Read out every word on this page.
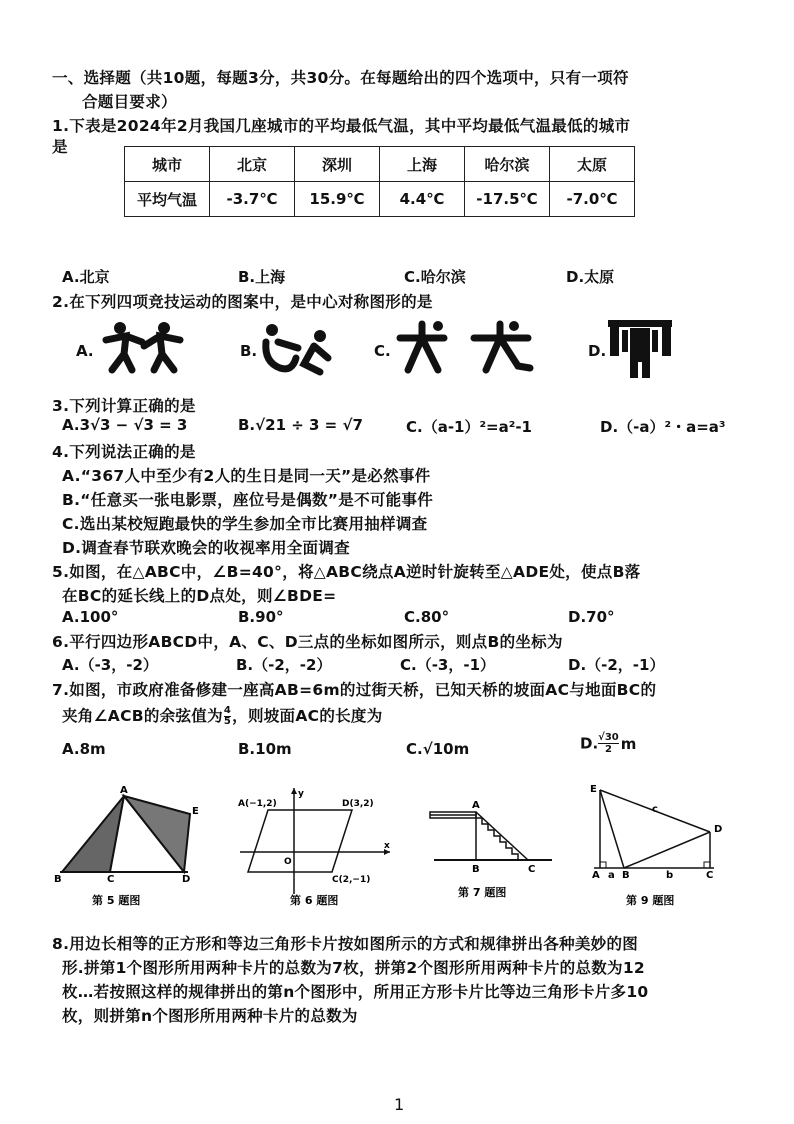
一、选择题（共10题，每题3分，共30分。在每题给出的四个选项中，只有一项符
合题目要求）
1.下表是2024年2月我国几座城市的平均最低气温，其中平均最低气温最低的城市
是
城市	北京	深圳	上海	哈尔滨	太原
平均气温	-3.7℃	15.9℃	4.4℃	-17.5℃	-7.0℃
A.北京	B.上海	C.哈尔滨	D.太原
2.在下列四项竞技运动的图案中，是中心对称图形的是
A.	B.	C.	D.
3.下列计算正确的是
A.3√3 − √3 = 3	B.√21 ÷ 3 = √7	C.（a-1）²=a²-1	D.（-a）²・a=a³
4.下列说法正确的是
A.“367人中至少有2人的生日是同一天”是必然事件
B.“任意买一张电影票，座位号是偶数”是不可能事件
C.选出某校短跑最快的学生参加全市比赛用抽样调查
D.调查春节联欢晚会的收视率用全面调查
5.如图，在△ABC中，∠B=40°，将△ABC绕点A逆时针旋转至△ADE处，使点B落
在BC的延长线上的D点处，则∠BDE=
A.100°	B.90°	C.80°	D.70°
6.平行四边形ABCD中，A、C、D三点的坐标如图所示，则点B的坐标为
A.（-3，-2）	B.（-2，-2）	C.（-3，-1）	D.（-2，-1）
7.如图，市政府准备修建一座高AB=6m的过街天桥，已知天桥的坡面AC与地面BC的
夹角∠ACB的余弦值为 $\frac{4}{5}$ ，则坡面AC的长度为
A.8m	B.10m	C.√10m	D. $\frac{√30}{2}$ m
A
E
B	C	D
第 5 题图
A(−1,2)
y
D(3,2)
O
x
C(2,−1)
第 6 题图
A
B	C
第 7 题图
E
c
D
A a B	b	C
第 9 题图
8.用边长相等的正方形和等边三角形卡片按如图所示的方式和规律拼出各种美妙的图
形.拼第1个图形所用两种卡片的总数为7枚，拼第2个图形所用两种卡片的总数为12
枚…若按照这样的规律拼出的第n个图形中，所用正方形卡片比等边三角形卡片多10
枚，则拼第n个图形所用两种卡片的总数为
1
